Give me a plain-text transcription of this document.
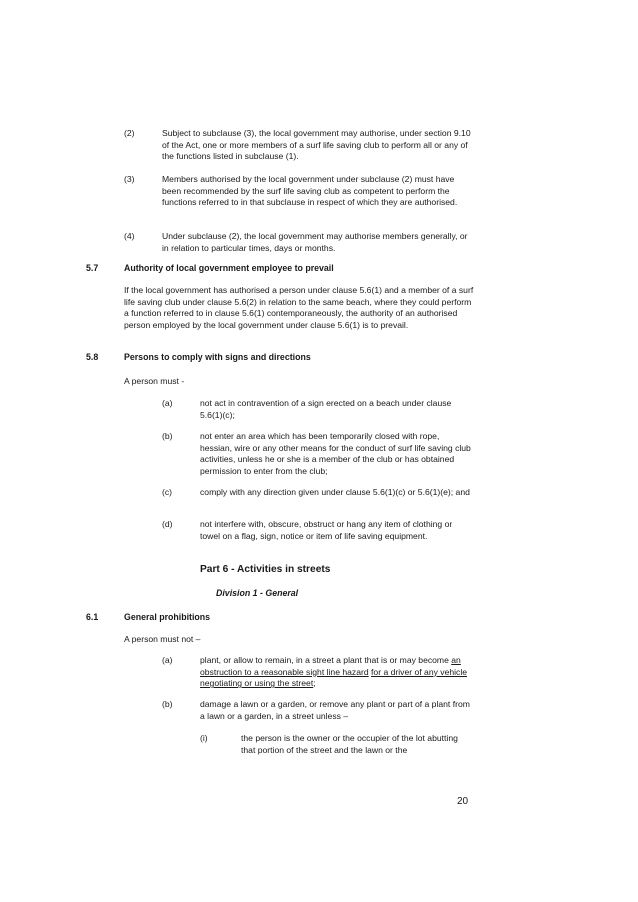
(2)	Subject to subclause (3), the local government may authorise, under section 9.10 of the Act, one or more members of a surf life saving club to perform all or any of the functions listed in subclause (1).
(3)	Members authorised by the local government under subclause (2) must have been recommended by the surf life saving club as competent to perform the functions referred to in that subclause in respect of which they are authorised.
(4)	Under subclause (2), the local government may authorise members generally, or in relation to particular times, days or months.
5.7	Authority of local government employee to prevail
If the local government has authorised a person under clause 5.6(1) and a member of a surf life saving club under clause 5.6(2) in relation to the same beach, where they could perform a function referred to in clause 5.6(1) contemporaneously, the authority of an authorised person employed by the local government under clause 5.6(1) is to prevail.
5.8	Persons to comply with signs and directions
A person must -
(a)	not act in contravention of a sign erected on a beach under clause 5.6(1)(c);
(b)	not enter an area which has been temporarily closed with rope, hessian, wire or any other means for the conduct of surf life saving club activities, unless he or she is a member of the club or has obtained permission to enter from the club;
(c)	comply with any direction given under clause 5.6(1)(c) or 5.6(1)(e); and
(d)	not interfere with, obscure, obstruct or hang any item of clothing or towel on a flag, sign, notice or item of life saving equipment.
Part 6 - Activities in streets
Division 1 - General
6.1	General prohibitions
A person must not –
(a)	plant, or allow to remain, in a street a plant that is or may become an obstruction to a reasonable sight line hazard for a driver of any vehicle negotiating or using the street;
(b)	damage a lawn or a garden, or remove any plant or part of a plant from a lawn or a garden, in a street unless –
(i)	the person is the owner or the occupier of the lot abutting that portion of the street and the lawn or the
20
